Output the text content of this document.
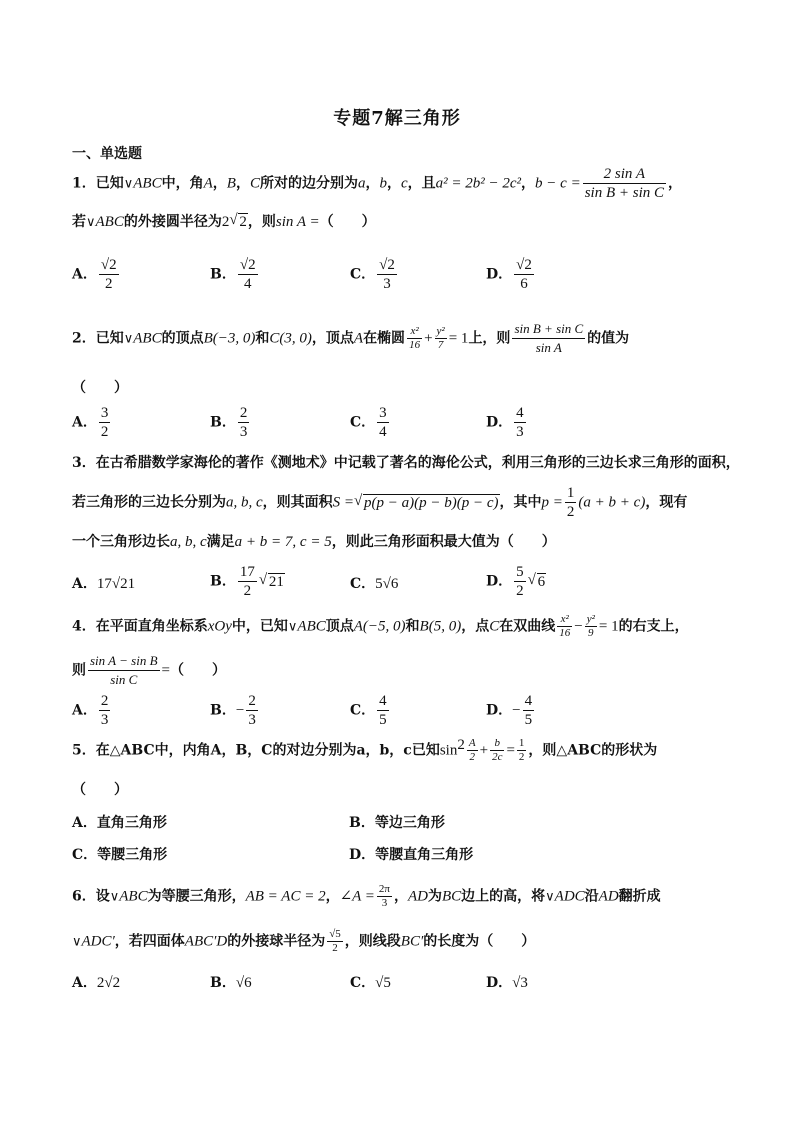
专题7解三角形
一、单选题
1．已知∨ABC中，角A，B，C所对的边分别为a，b，c，且a² = 2b² − 2c²，$b - c = \frac{\text{2 sin A}}{\text{sin B + sin C}}$ ，
若∨ABC的外接圆半径为2 √ 2，则sin A =（　　）
A． $\frac{√2}{2}$	B． $\frac{√2}{4}$	C． $\frac{√2}{3}$	D． $\frac{√2}{6}$
2．已知∨ABC的顶点B(−3, 0)和C(3, 0)，顶点A在椭圆 $\frac{\text{x²}}{16} + \frac{\text{y²}}{7} = 1$上，则 $\frac{\text{sin B + sin C}}{\text{sin A}}$ 的值为
（　　）
A． $\frac{3}{2}$	B． $\frac{2}{3}$	C． $\frac{3}{4}$	D． $\frac{4}{3}$
3．在古希腊数学家海伦的著作《测地术》中记载了著名的海伦公式，利用三角形的三边长求三角形的面积，
若三角形的三边长分别为a, b, c，则其面积S = √ p(p − a)(p − b)(p − c)，其中$p = \frac{1}{2} (a + b + c)$，现有
一个三角形边长a, b, c满足a + b = 7, c = 5，则此三角形面积最大值为（　　）
A．17√21	B． $\frac{17}{2}$ √ 21	C．5√6	D． $\frac{5}{2}$ √ 6
4．在平面直角坐标系xOy中，已知∨ABC顶点A(−5, 0)和B(5, 0)，点C在双曲线 $\frac{\text{x²}}{16} - \frac{\text{y²}}{9} = 1$的右支上，
则 $\frac{\text{sin A − sin B}}{\text{sin C}}$ =（　　）
A． $\frac{2}{3}$	B．− $\frac{2}{3}$	C． $\frac{4}{5}$	D．− $\frac{4}{5}$
5．在△ABC中，内角A，B，C的对边分别为a，b，c已知$\sin^2 \frac{A}{2} + \frac{b}{2c} = \frac{1}{2}$ ，则△ABC的形状为
（　　）
A．直角三角形	B．等边三角形
C．等腰三角形	D．等腰直角三角形
6．设∨ABC为等腰三角形，AB = AC = 2，∠A = $\frac{2\pi}{3}$ ，AD为BC边上的高，将∨ADC沿AD翻折成
∨ADC′，若四面体ABC′D的外接球半径为 $\frac{√5}{2}$ ，则线段BC′的长度为（　　）
A．2√2	B．√6	C．√5	D．√3
